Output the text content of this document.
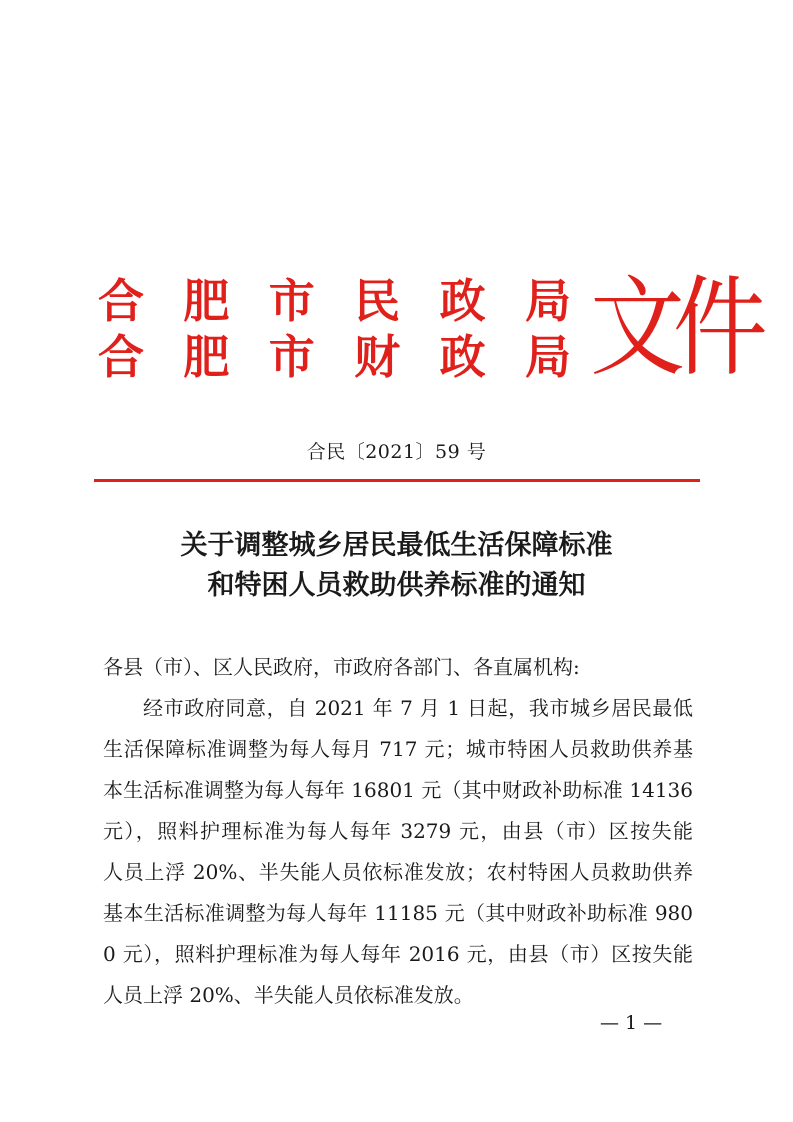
合 肥 市 民 政 局
合 肥 市 财 政 局 文件
合民〔2021〕59 号
关于调整城乡居民最低生活保障标准
和特困人员救助供养标准的通知
各县（市）、区人民政府，市政府各部门、各直属机构:
经市政府同意，自 2021 年 7 月 1 日起，我市城乡居民最低
生活保障标准调整为每人每月 717 元；城市特困人员救助供养基
本生活标准调整为每人每年 16801 元（其中财政补助标准 14136
元），照料护理标准为每人每年 3279 元，由县（市）区按失能
人员上浮 20%、半失能人员依标准发放；农村特困人员救助供养
基本生活标准调整为每人每年 11185 元（其中财政补助标准 980
0 元），照料护理标准为每人每年 2016 元，由县（市）区按失能
人员上浮 20%、半失能人员依标准发放。
— 1 —
